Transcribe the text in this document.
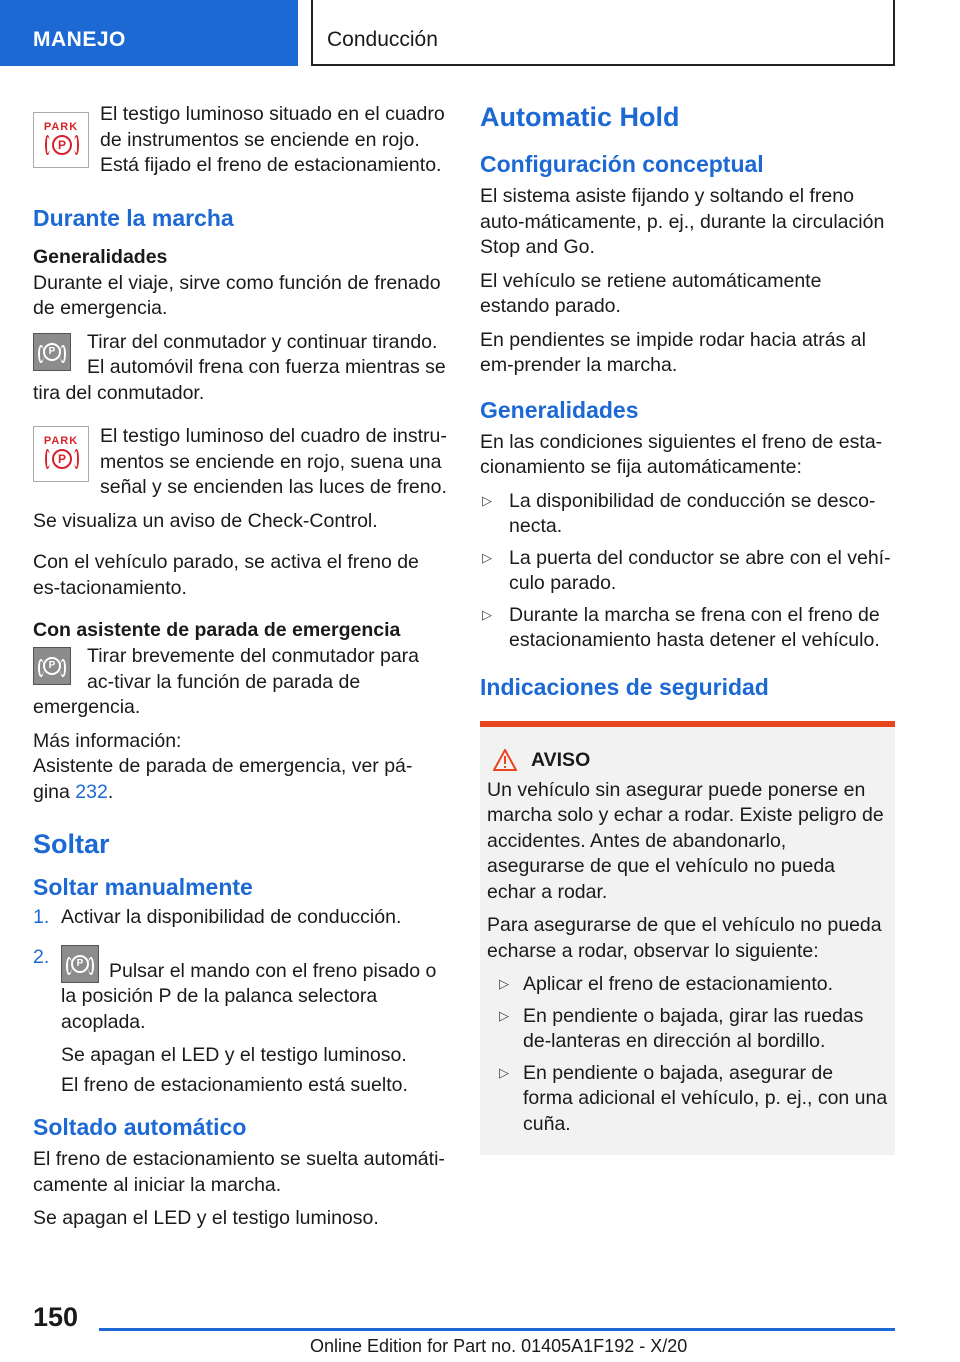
MANEJO	Conducción
PARK
P

El testigo luminoso situado en el cuadro de instrumentos se enciende en rojo. Está fijado el freno de estacionamiento.

Durante la marcha
Generalidades

Durante el viaje, sirve como función de frenado de emergencia.

P	Tirar del conmutador y continuar tirando. El automóvil frena con fuerza mientras se tira del conmutador.

PARK
P

El testigo luminoso del cuadro de instru‐mentos se enciende en rojo, suena una señal y se encienden las luces de freno.

Se visualiza un aviso de Check-Control.

Con el vehículo parado, se activa el freno de es‐tacionamiento.

Con asistente de parada de emergencia
P	Tirar brevemente del conmutador para ac‐tivar la función de parada de emergencia.

Más información:

Asistente de parada de emergencia, ver pá‐gina 232.

Soltar
Soltar manualmente
1. Activar la disponibilidad de conducción.

2.	P Pulsar el mando con el freno pisado o la posición P de la palanca selectora acoplada.

Se apagan el LED y el testigo luminoso.

El freno de estacionamiento está suelto.

Soltado automático

El freno de estacionamiento se suelta automáti‐camente al iniciar la marcha.

Se apagan el LED y el testigo luminoso.

Automatic Hold
Configuración conceptual

El sistema asiste fijando y soltando el freno auto‐máticamente, p. ej., durante la circulación Stop and Go.

El vehículo se retiene automáticamente estando parado.

En pendientes se impide rodar hacia atrás al em‐prender la marcha.

Generalidades

En las condiciones siguientes el freno de esta‐cionamiento se fija automáticamente:

▷ La disponibilidad de conducción se desco‐necta.

▷ La puerta del conductor se abre con el vehí‐culo parado.

▷ Durante la marcha se frena con el freno de estacionamiento hasta detener el vehículo.

Indicaciones de seguridad
AVISO

Un vehículo sin asegurar puede ponerse en marcha solo y echar a rodar. Existe peligro de accidentes. Antes de abandonarlo, asegurarse de que el vehículo no pueda echar a rodar.

Para asegurarse de que el vehículo no pueda echarse a rodar, observar lo siguiente:

▷ Aplicar el freno de estacionamiento.

▷ En pendiente o bajada, girar las ruedas de‐lanteras en dirección al bordillo.

▷ En pendiente o bajada, asegurar de forma adicional el vehículo, p. ej., con una cuña.

150
Online Edition for Part no. 01405A1F192 - X/20
